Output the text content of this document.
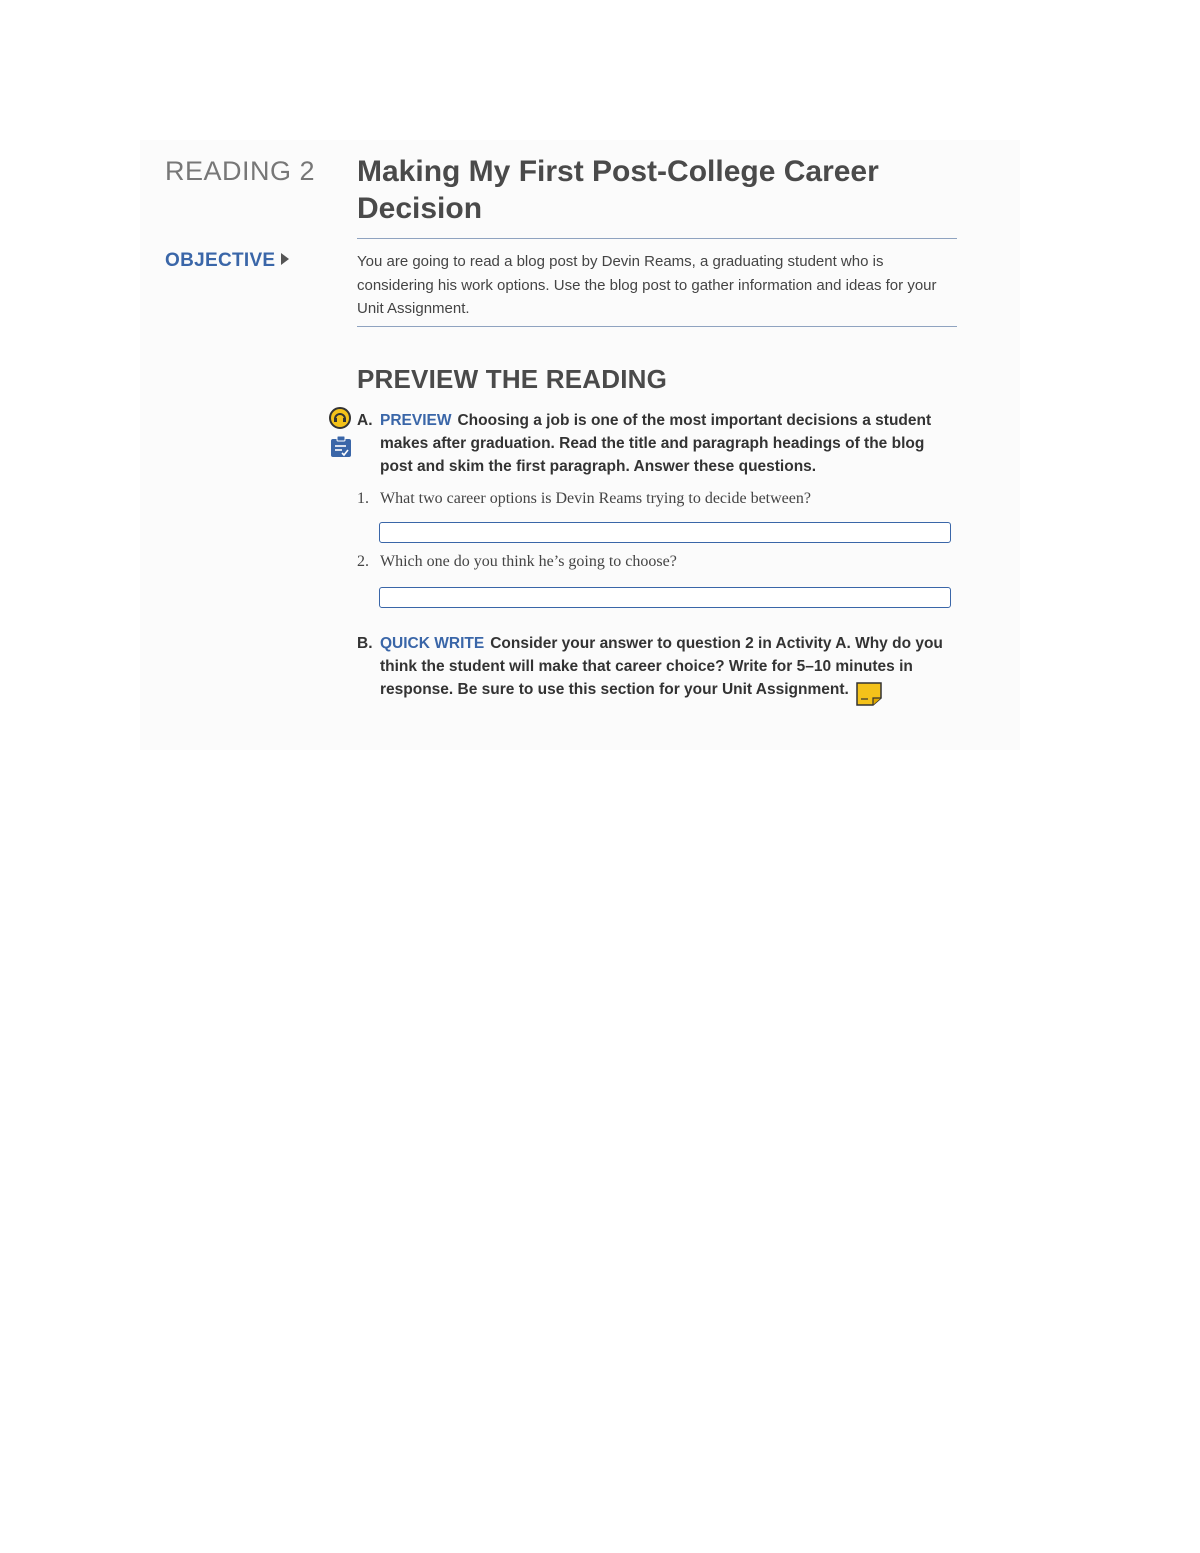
READING 2 Making My First Post-College Career Decision
OBJECTIVE	You are going to read a blog post by Devin Reams, a graduating student who is considering his work options. Use the blog post to gather information and ideas for your Unit Assignment.
PREVIEW THE READING
A. PREVIEW Choosing a job is one of the most important decisions a student makes after graduation. Read the title and paragraph headings of the blog post and skim the first paragraph. Answer these questions.
1. What two career options is Devin Reams trying to decide between?
2. Which one do you think he’s going to choose?
B. QUICK WRITE Consider your answer to question 2 in Activity A. Why do you think the student will make that career choice? Write for 5–10 minutes in response. Be sure to use this section for your Unit Assignment.
